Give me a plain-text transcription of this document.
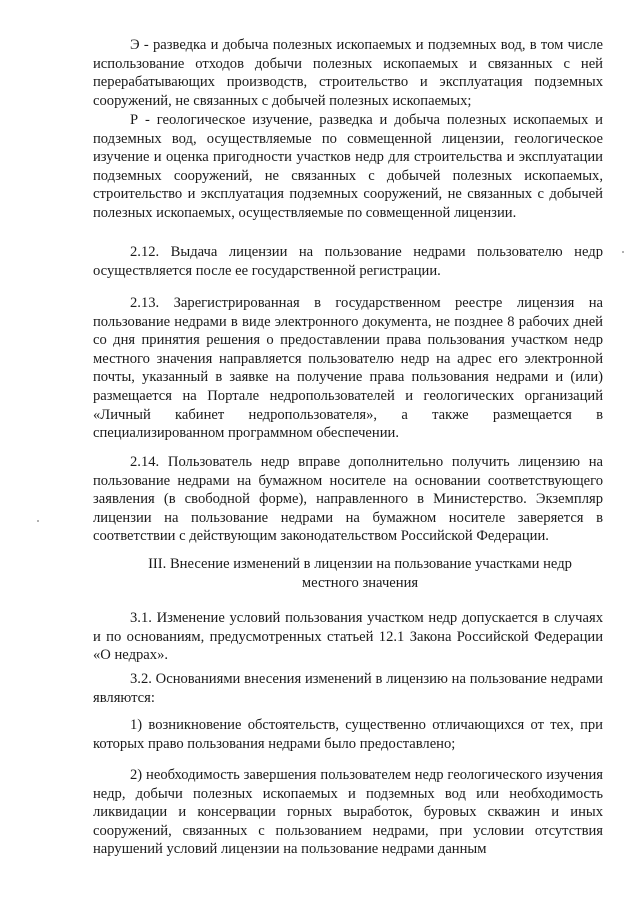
Э - разведка и добыча полезных ископаемых и подземных вод, в том числе использование отходов добычи полезных ископаемых и связанных с ней перерабатывающих производств, строительство и эксплуатация подземных сооружений, не связанных с добычей полезных ископаемых;

Р - геологическое изучение, разведка и добыча полезных ископаемых и подземных вод, осуществляемые по совмещенной лицензии, геологическое изучение и оценка пригодности участков недр для строительства и эксплуатации подземных сооружений, не связанных с добычей полезных ископаемых, строительство и эксплуатация подземных сооружений, не связанных с добычей полезных ископаемых, осуществляемые по совмещенной лицензии.

2.12. Выдача лицензии на пользование недрами пользователю недр осуществляется после ее государственной регистрации.

2.13. Зарегистрированная в государственном реестре лицензия на пользование недрами в виде электронного документа, не позднее 8 рабочих дней со дня принятия решения о предоставлении права пользования участком недр местного значения направляется пользователю недр на адрес его электронной почты, указанный в заявке на получение права пользования недрами и (или) размещается на Портале недропользователей и геологических организаций «Личный кабинет недропользователя», а также размещается в специализированном программном обеспечении.

2.14. Пользователь недр вправе дополнительно получить лицензию на пользование недрами на бумажном носителе на основании соответствующего заявления (в свободной форме), направленного в Министерство. Экземпляр лицензии на пользование недрами на бумажном носителе заверяется в соответствии с действующим законодательством Российской Федерации.

III. Внесение изменений в лицензии на пользование участками недр местного значения

3.1. Изменение условий пользования участком недр допускается в случаях и по основаниям, предусмотренных статьей 12.1 Закона Российской Федерации «О недрах».

3.2. Основаниями внесения изменений в лицензию на пользование недрами являются:

1) возникновение обстоятельств, существенно отличающихся от тех, при которых право пользования недрами было предоставлено;

2) необходимость завершения пользователем недр геологического изучения недр, добычи полезных ископаемых и подземных вод или необходимость ликвидации и консервации горных выработок, буровых скважин и иных сооружений, связанных с пользованием недрами, при условии отсутствия нарушений условий лицензии на пользование недрами данным
